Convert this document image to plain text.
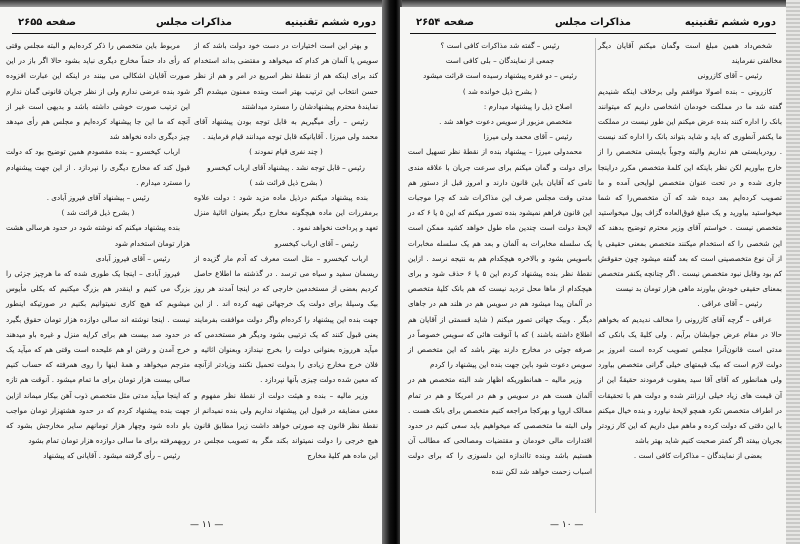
دوره ششم تقنینیه
مذاکرات مجلس
صفحه ۲۶۵۵

و بهتر این است اختیارات در دست خود دولت باشد که از سویس یا آلمان هر کدام که میخواهد و مقتضی بداند استخدام کند برای اینکه هم از نقطهٔ نظر اسریع در امر و هم از نظر حسن انتخاب این ترتیب بهتر است وبنده ممنون میشدم اگر نمایندهٔ محترم پیشنهادشان را مسترد میداشتند

رئیس – رأی میگیریم به قابل توجه بودن پیشنهاد آقای محمد ولی میرزا . آقایانیکه قابل توجه میدانند قیام فرمایند .

( چند نفری قیام نمودند )

رئیس – قابل توجه نشد . پیشنهاد آقای ارباب کیخسرو

( بشرح ذیل قرائت شد )

بنده پیشنهاد میکنم درذیل ماده مزید شود : دولت علاوه برمقررات این ماده هیچگونه مخارج دیگر بعنوان اثاثیهٔ منزل تعهد و پرداخت نخواهد نمود .

رئیس – آقای ارباب کیخسرو

ارباب کیخسرو – مثل است معرف که آدم مار گزیده از ریسمان سفید و سیاه می ترسد . در گذشته ما اطلاع حاصل کردیم بعضی از مستخدمین خارجی که در اینجا آمدند هر روز بیک وسیلهٔ برای دولت یک خرجهائی تهیه کرده اند . از این جهت بنده این پیشنهاد را کرده‌ام واگر دولت موافقت بفرمایند یعنی قبول کنند که یک ترتیبی بشود ودیگر هر مستخدمی که میآید هرروزه بعنوانی دولت را بخرج نیندازد وبعنوان اثاثیه و فلان خرج مخارج زیادی را بدولت تحمیل نکنند وزیادتر ازآنچه که معین شده دولت چیزی بآنها نپردازد .

وزیر مالیه – بنده و هیئت دولت از نقطهٔ نظر مفهوم و معنی مضایقه در قبول این پیشنهاد نداریم ولی بنده نمیدانم از نقطهٔ نظر قانون چه صورتی خواهد داشت زیرا مطابق قانون هیچ خرجی را دولت نمیتواند بکند مگر به تصویب مجلس در این ماده هم کلیهٔ مخارج

مربوط باین متخصص را ذکر کرده‌ایم و البته مجلس وقتی که رأی داد حتماً مخارج دیگری نباید بشود حالا اگر باز در این صورت آقایان اشکالی می بینند در اینکه این عبارت افزوده شود بنده عرضی ندارم ولی از نظر جریان قانونی گمان ندارم این ترتیب صورت خوشی داشته باشد و بدیهی است غیر از آنچه که ما این جا پیشنهاد کرده‌ایم و مجلس هم رأی میدهد چیز دیگری داده نخواهد شد

ارباب کیخسرو – بنده مقصودم همین توضیح بود که دولت قبول کند که مخارج دیگری را نپردازد . از این جهت پیشنهادم را مسترد میدارم .

رئیس – پیشنهاد آقای فیروز آبادی .

( بشرح ذیل قرائت شد )

بنده پیشنهاد میکنم که نوشته شود در حدود هرسالی هشت هزار تومان استخدام شود

رئیس – آقای فیروز آبادی

فیروز آبادی – اینجا یک طوری شده که ما هرچیز جزئی را بزرگ می کنیم و اینقدر هم بزرگ میکنیم که بکلی مأیوس میشویم که هیچ کاری نمیتوانیم بکنیم در صورتیکه اینطور نیست . اینجا نوشته اند سالی دوازده هزار تومان حقوق بگیرد در حدود صد بیست هم برای کرایه منزل و غیره باو میدهند خرج آمدن و رفتن او هم علیحده است وقتی هم که میآید یک مترجم میخواهد و همهٔ اینها را روی همرفته که حساب کنیم سالی بیست هزار تومان برای ما تمام میشود . آنوقت هم تازه که اینجا میآید مدتی مثل متخصص ذوب آهن بیکار میماند ازاین جهت بنده پیشنهاد کردم که در حدود هشتهزار تومان مواجب باو داده شود وچهار هزار تومانهم سایر مخارجش بشود که روبهمرفته برای ما سالی دوازده هزار تومان تمام بشود

رئیس – رأی گرفته میشود . آقایانی که پیشنهاد

— ۱۱ —
دوره ششم تقنینیه
مذاکرات مجلس
صفحه ۲۶۵۴

شخص‌داد همین مبلغ است وگمان میکنم آقایان دیگر مخالفتی نفرمایند

رئیس – آقای کازرونی

کازرونی – بنده اصولا موافقم ولی برخلاف اینکه شنیدیم گفته شد ما در مملکت خودمان اشخاصی داریم که میتوانند بانک را اداره کنند بنده عرض میکنم این طور نیست در مملکت ما یکنفر آنطوری که باید و شاید بتواند بانک را اداره کند نیست . رودربایستی هم نداریم والبته وجوباً بایستی متخصص را از خارج بیاوریم لکن نظر باینکه این کلمهٔ متخصص مکرر دراینجا جاری شده و در تحت عنوان متخصص لوایحی آمده و ما تصویب کرده‌ایم بعد دیده شد که آن متخصص‌را که شما میخواستید بیاورید و یک مبلغ فوق‌العاده گزاف پول میخواستید متخصص نیست . خواستم آقای وزیر محترم توضیح بدهند که این شخصی را که استخدام میکنند متخصص بمعنی حقیقی یا از آن نوع متخصصینی است که بعد گفته میشود چون حقوقش کم بود وقابل نبود متخصص نیست . اگر چنانچه یکنفر متخصص بمعنای حقیقی خودش بیاورند ماهی هزار تومان بد نیست

رئیس – آقای عراقی .

عراقی – گرچه آقای کازرونی را مخالف ندیدیم که بخواهم حالا در مقام عرض جوابشان برآیم . ولی کلیهً یک بانکی که مدتی است قانون‌آنرا مجلس تصویب کرده است امروز بر دولت لازم است که بیک قیمتهای خیلی گرانی متخصص بیاورد ولی همانطور که آقای آقا سید یعقوب فرمودند حقیقةً این از آن قیمت های زیاد خیلی ارزانتر شده و دولت هم با تحقیقات در اطراف متخصص تکرد همچو لایحهٔ نیاورد و بنده خیال میکنم با این دقتی که دولت کرده و ماهم میل داریم که این کار زودتر بجریان بیفتد اگر کمتر صحبت کنیم شاید بهتر باشد

بعضی از نمایندگان – مذاکرات کافی است .

رئیس – گفته شد مذاکرات کافی است ؟

جمعی از نمایندگان – بلی کافی است

رئیس – دو فقره پیشنهاد رسیده است قرائت میشود

( بشرح ذیل خوانده شد )

اصلاح ذیل را پیشنهاد میدارم :

متخصص مزبور از سویس دعوت خواهد شد .

رئیس – آقای محمد ولی میرزا

محمدولی میرزا – پیشنهاد بنده از نقطهٔ نظر تسهیل است برای دولت و گمان میکنم برای سرعت جریان با علاقه مندی تامی که آقایان باین قانون دارند و امروز قبل از دستور هم مدتی وقت مجلس صرف این مذاکرات شد که چرا موجبات این قانون فراهم نمیشود بنده تصور میکنم که این ۵ یا ۶ که در لایحهٔ دولت است چندین ماه طول خواهد کشید ممکن است یک سلسله مخابرات به آلمان و بعد هم یک سلسله مخابرات باسویس بشود و بالاخره هیچکدام هم به نتیجه نرسد . ازاین نقطهٔ نظر بنده پیشنهاد کردم این ۵ یا ۶ حذف شود و برای هیچکدام از ماها محل تردید نیست که هم بانک کلیهٔ متخصص در آلمان پیدا میشود هم در سویس هم در هلند هم در جاهای دیگر . وبیک جهاتی تصور میکنم ( شاید قسمتی از آقایان هم اطلاع داشته باشند ) که با آنوقت هائی که سویس خصوصاً در صرفه جوئی در مخارج دارند بهتر باشد که این متخصص از سویس دعوت شود باین جهت بنده این پیشنهاد را کردم

وزیر مالیه – همانطوریکه اظهار شد البته متخصص هم در آلمان هست هم در سویس و هم در امریکا و هم در تمام ممالک اروپا و بهرکجا مراجعه کنیم متخصص برای بانک هست . ولی البته ما متخصصی که میخواهیم باید سعی کنیم در حدود اقتدارات مالی خودمان و مقتضیات ومصالحی که مطالب آن هستیم باشد وبنده تااندازه این دلسوزی را که برای دولت اسباب زحمت خواهد شد لکن ننده

— ۱۰ —
